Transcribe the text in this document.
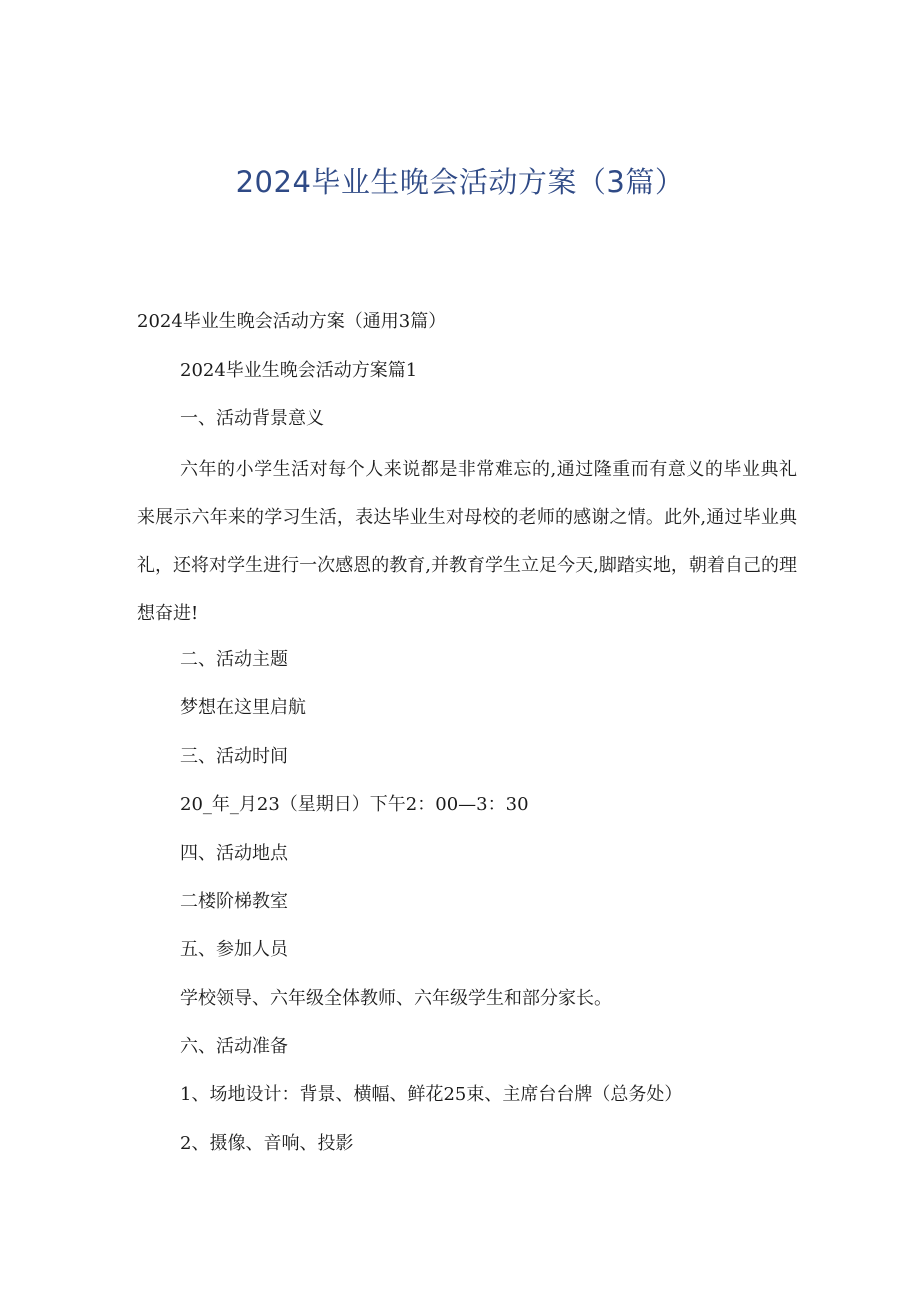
2024毕业生晚会活动方案（3篇）

2024毕业生晚会活动方案（通用3篇）

2024毕业生晚会活动方案篇1

一、活动背景意义

六年的小学生活对每个人来说都是非常难忘的,通过隆重而有意义的毕业典礼来展示六年来的学习生活，表达毕业生对母校的老师的感谢之情。此外,通过毕业典礼，还将对学生进行一次感恩的教育,并教育学生立足今天,脚踏实地，朝着自己的理想奋进!

二、活动主题

梦想在这里启航

三、活动时间

20_年_月23（星期日）下午2：00—3：30

四、活动地点

二楼阶梯教室

五、参加人员

学校领导、六年级全体教师、六年级学生和部分家长。

六、活动准备

1、场地设计：背景、横幅、鲜花25束、主席台台牌（总务处）

2、摄像、音响、投影
